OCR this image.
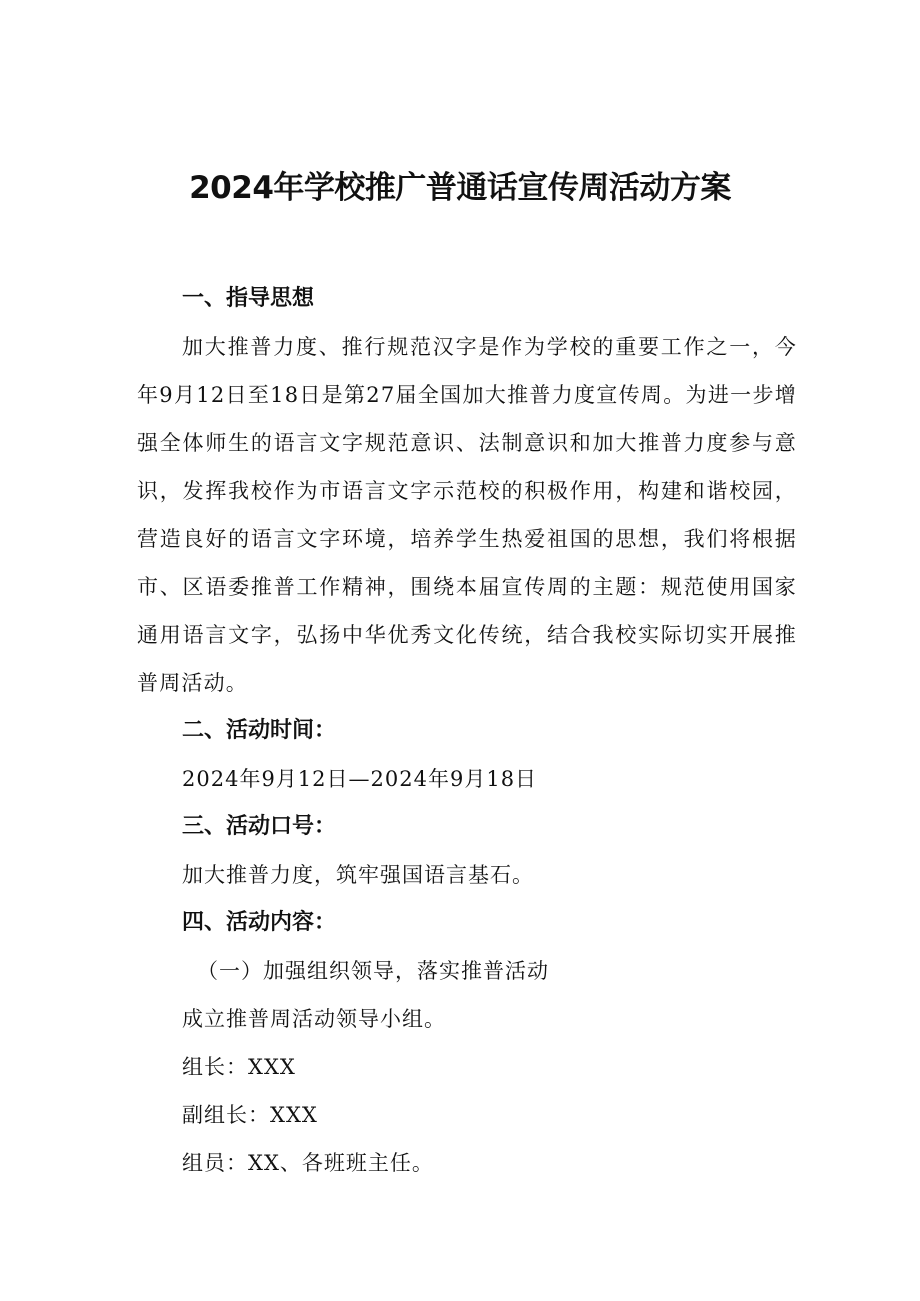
2024年学校推广普通话宣传周活动方案
一、指导思想

加大推普力度、推行规范汉字是作为学校的重要工作之一，今年9月12日至18日是第27届全国加大推普力度宣传周。为进一步增强全体师生的语言文字规范意识、法制意识和加大推普力度参与意识，发挥我校作为市语言文字示范校的积极作用，构建和谐校园，营造良好的语言文字环境，培养学生热爱祖国的思想，我们将根据市、区语委推普工作精神，围绕本届宣传周的主题：规范使用国家通用语言文字，弘扬中华优秀文化传统，结合我校实际切实开展推普周活动。

二、活动时间：

2024年9月12日—2024年9月18日

三、活动口号：

加大推普力度，筑牢强国语言基石。

四、活动内容：

（一）加强组织领导，落实推普活动

成立推普周活动领导小组。

组长：XXX

副组长：XXX

组员：XX、各班班主任。
